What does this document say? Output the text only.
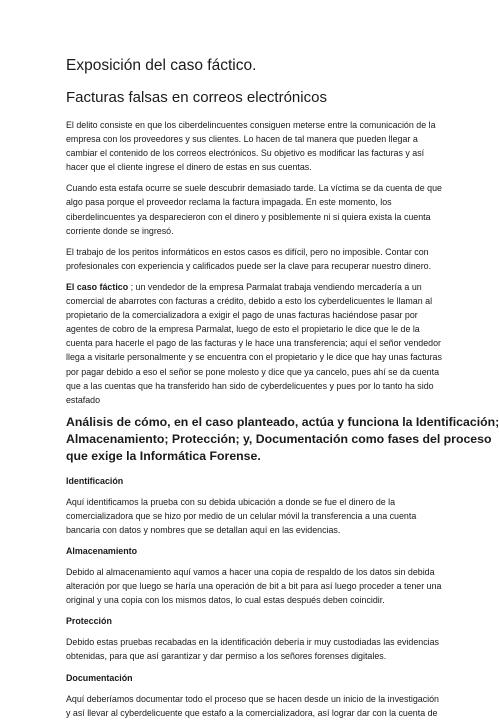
Exposición del caso fáctico.
Facturas falsas en correos electrónicos

El delito consiste en que los ciberdelincuentes consiguen meterse entre la comunicación de la
empresa con los proveedores y sus clientes. Lo hacen de tal manera que pueden llegar a
cambiar el contenido de los correos electrónicos. Su objetivo es modificar las facturas y así
hacer que el cliente ingrese el dinero de estas en sus cuentas.

Cuando esta estafa ocurre se suele descubrir demasiado tarde. La víctima se da cuenta de que
algo pasa porque el proveedor reclama la factura impagada. En este momento, los
ciberdelincuentes ya desparecieron con el dinero y posiblemente ni si quiera exista la cuenta
corriente donde se ingresó.

El trabajo de los peritos informáticos en estos casos es difícil, pero no imposible. Contar con
profesionales con experiencia y calificados puede ser la clave para recuperar nuestro dinero.

El caso fáctico ; un vendedor de la empresa Parmalat trabaja vendiendo mercadería a un
comercial de abarrotes con facturas a crédito, debido a esto los cyberdelicuentes le llaman al
propietario de la comercializadora a exigir el pago de unas facturas haciéndose pasar por
agentes de cobro de la empresa Parmalat, luego de esto el propietario le dice que le de la
cuenta para hacerle el pago de las facturas y le hace una transferencia; aquí el señor vendedor
llega a visitarle personalmente y se encuentra con el propietario y le dice que hay unas facturas
por pagar debido a eso el señor se pone molesto y dice que ya cancelo, pues ahí se da cuenta
que a las cuentas que ha transferido han sido de cyberdelicuentes y pues por lo tanto ha sido
estafado

Análisis de cómo, en el caso planteado, actúa y funciona la Identificación;
Almacenamiento; Protección; y, Documentación como fases del proceso
que exige la Informática Forense.
Identificación

Aquí identificamos la prueba con su debida ubicación a donde se fue el dinero de la
comercializadora que se hizo por medio de un celular móvil la transferencia a una cuenta
bancaria con datos y nombres que se detallan aquí en las evidencias.

Almacenamiento

Debido al almacenamiento aquí vamos a hacer una copia de respaldo de los datos sin debida
alteración por que luego se haría una operación de bit a bit para así luego proceder a tener una
original y una copia con los mismos datos, lo cual estas después deben coincidir.

Protección

Debido estas pruebas recabadas en la identificación debería ir muy custodiadas las evidencias
obtenidas, para que así garantizar y dar permiso a los señores forenses digitales.

Documentación

Aquí deberíamos documentar todo el proceso que se hacen desde un inicio de la investigación
y así llevar al cyberdelicuente que estafo a la comercializadora, así lograr dar con la cuenta de
